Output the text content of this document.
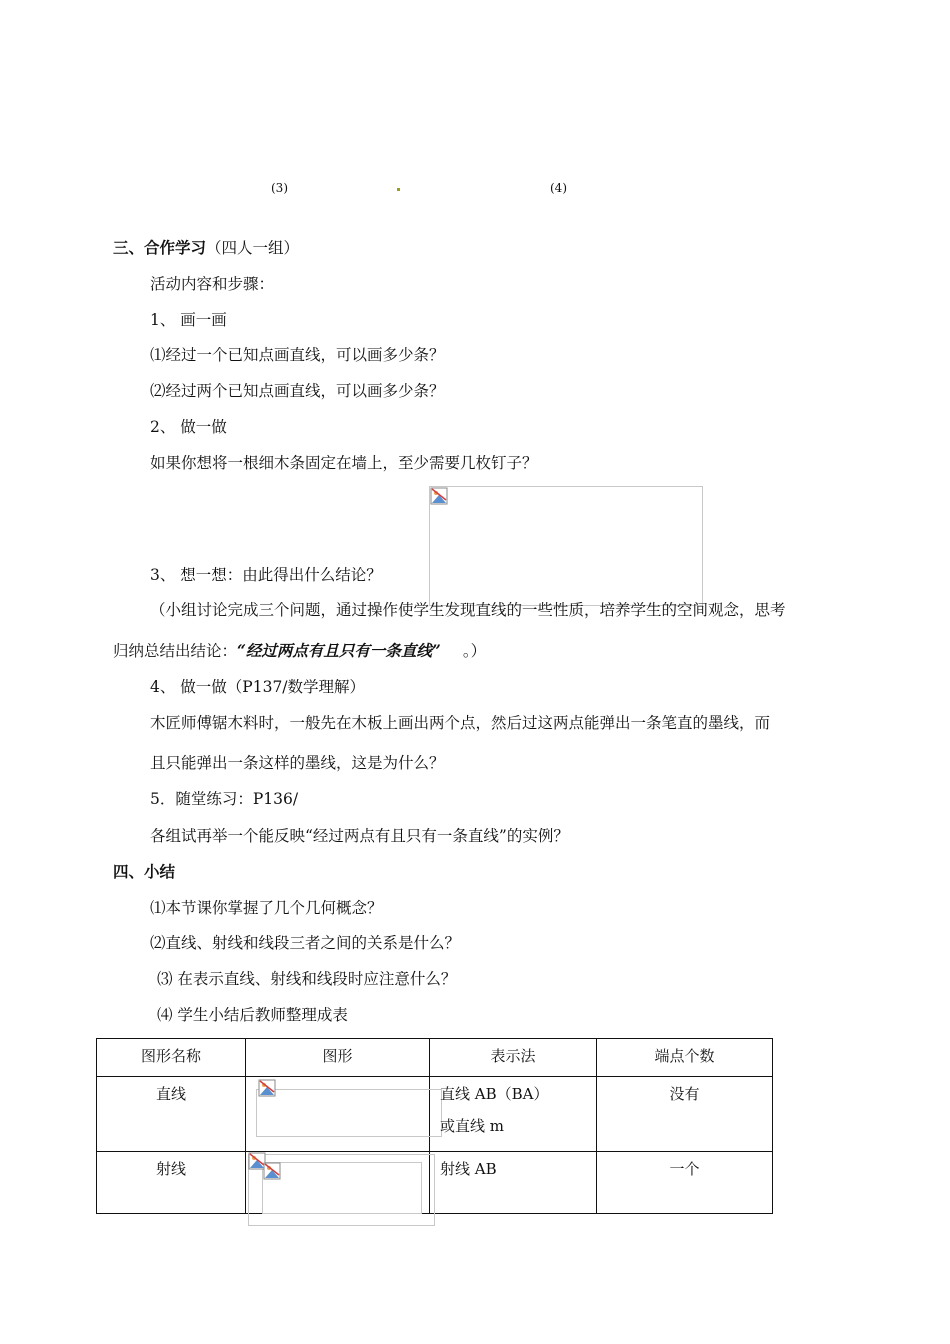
(3)	(4)
三、合作学习（四人一组）
活动内容和步骤：
1、 画一画
⑴经过一个已知点画直线，可以画多少条？
⑵经过两个已知点画直线，可以画多少条？
2、 做一做
如果你想将一根细木条固定在墙上，至少需要几枚钉子？
3、 想一想：由此得出什么结论？
（小组讨论完成三个问题，通过操作使学生发现直线的一些性质，培养学生的空间观念，思考
归纳总结出结论：“经过两点有且只有一条直线” 。）
4、 做一做（P137/数学理解）
木匠师傅锯木料时，一般先在木板上画出两个点，然后过这两点能弹出一条笔直的墨线，而
且只能弹出一条这样的墨线，这是为什么？
5．随堂练习：P136/
各组试再举一个能反映“经过两点有且只有一条直线”的实例？
四、小结
⑴本节课你掌握了几个几何概念？
⑵直线、射线和线段三者之间的关系是什么？
⑶ 在表示直线、射线和线段时应注意什么？
⑷ 学生小结后教师整理成表
图形名称	图形	表示法	端点个数
直线		直线 AB（BA）
或直线 m	没有
射线		射线 AB	一个
